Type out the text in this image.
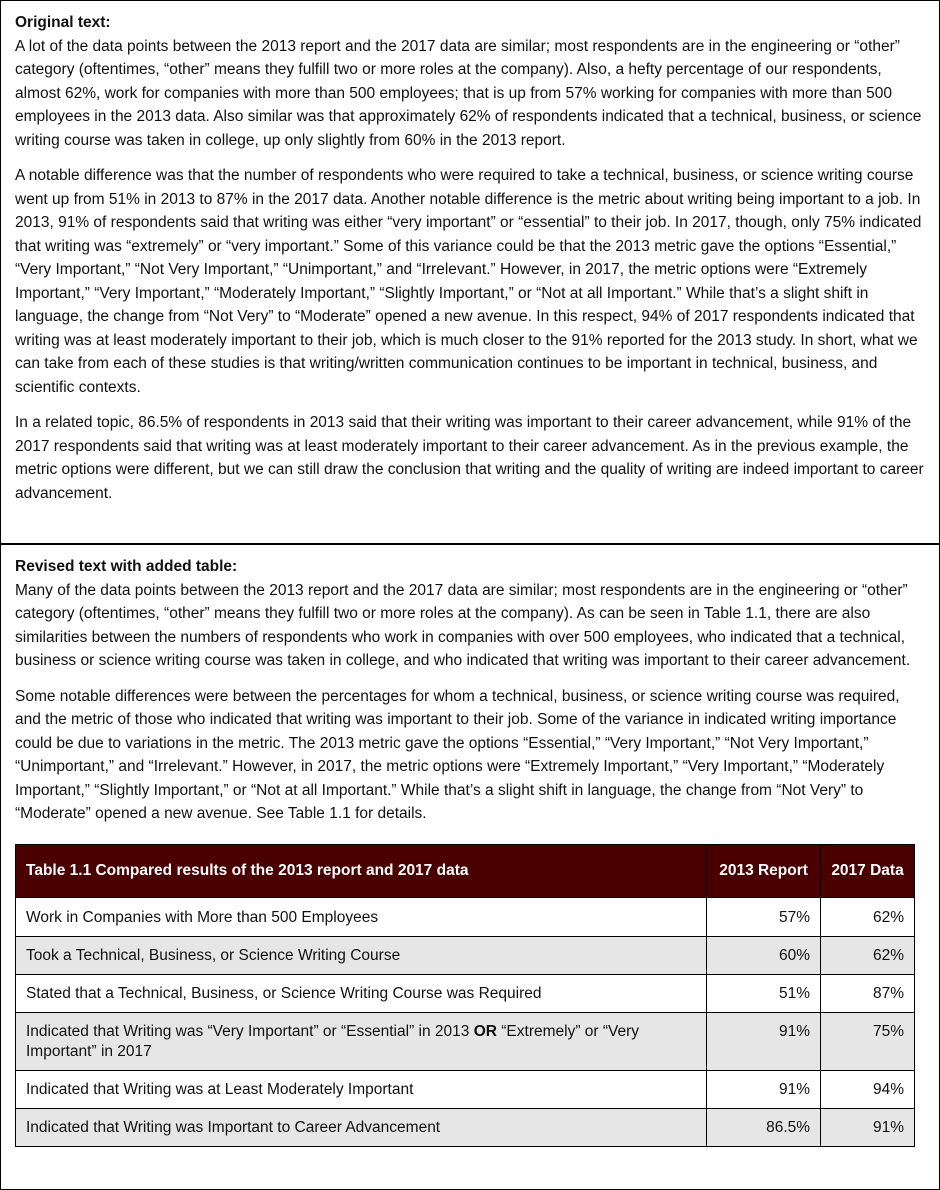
Original text:

A lot of the data points between the 2013 report and the 2017 data are similar; most respondents are in the engineering or “other” category (oftentimes, “other” means they fulfill two or more roles at the company). Also, a hefty percentage of our respondents, almost 62%, work for companies with more than 500 employees; that is up from 57% working for companies with more than 500 employees in the 2013 data. Also similar was that approximately 62% of respondents indicated that a technical, business, or science writing course was taken in college, up only slightly from 60% in the 2013 report.

A notable difference was that the number of respondents who were required to take a technical, business, or science writing course went up from 51% in 2013 to 87% in the 2017 data. Another notable difference is the metric about writing being important to a job. In 2013, 91% of respondents said that writing was either “very important” or “essential” to their job. In 2017, though, only 75% indicated that writing was “extremely” or “very important.” Some of this variance could be that the 2013 metric gave the options “Essential,” “Very Important,” “Not Very Important,” “Unimportant,” and “Irrelevant.” However, in 2017, the metric options were “Extremely Important,” “Very Important,” “Moderately Important,” “Slightly Important,” or “Not at all Important.” While that’s a slight shift in language, the change from “Not Very” to “Moderate” opened a new avenue. In this respect, 94% of 2017 respondents indicated that writing was at least moderately important to their job, which is much closer to the 91% reported for the 2013 study. In short, what we can take from each of these studies is that writing/written communication continues to be important in technical, business, and scientific contexts.

In a related topic, 86.5% of respondents in 2013 said that their writing was important to their career advancement, while 91% of the 2017 respondents said that writing was at least moderately important to their career advancement. As in the previous example, the metric options were different, but we can still draw the conclusion that writing and the quality of writing are indeed important to career advancement.

Revised text with added table:

Many of the data points between the 2013 report and the 2017 data are similar; most respondents are in the engineering or “other” category (oftentimes, “other” means they fulfill two or more roles at the company). As can be seen in Table 1.1, there are also similarities between the numbers of respondents who work in companies with over 500 employees, who indicated that a technical, business or science writing course was taken in college, and who indicated that writing was important to their career advancement.

Some notable differences were between the percentages for whom a technical, business, or science writing course was required, and the metric of those who indicated that writing was important to their job. Some of the variance in indicated writing importance could be due to variations in the metric. The 2013 metric gave the options “Essential,” “Very Important,” “Not Very Important,” “Unimportant,” and “Irrelevant.” However, in 2017, the metric options were “Extremely Important,” “Very Important,” “Moderately Important,” “Slightly Important,” or “Not at all Important.” While that’s a slight shift in language, the change from “Not Very” to “Moderate” opened a new avenue. See Table 1.1 for details.

Table 1.1 Compared results of the 2013 report and 2017 data	2013 Report	2017 Data
Work in Companies with More than 500 Employees	57%	62%
Took a Technical, Business, or Science Writing Course	60%	62%
Stated that a Technical, Business, or Science Writing Course was Required	51%	87%
Indicated that Writing was “Very Important” or “Essential” in 2013 OR “Extremely” or “Very Important” in 2017	91%	75%
Indicated that Writing was at Least Moderately Important	91%	94%
Indicated that Writing was Important to Career Advancement	86.5%	91%
